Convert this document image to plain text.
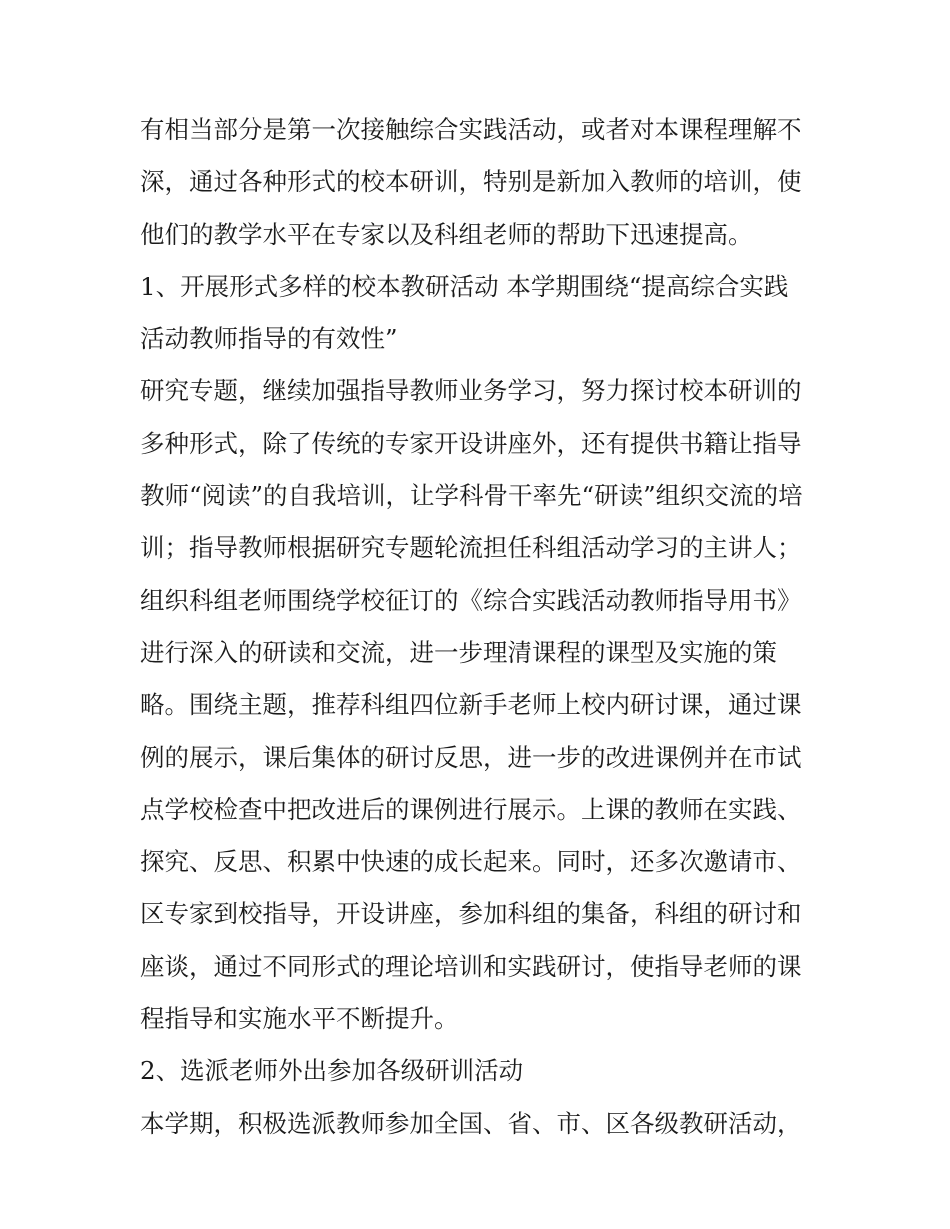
有相当部分是第一次接触综合实践活动，或者对本课程理解不
深，通过各种形式的校本研训，特别是新加入教师的培训，使
他们的教学水平在专家以及科组老师的帮助下迅速提高。
1、开展形式多样的校本教研活动 本学期围绕“提高综合实践
活动教师指导的有效性”
研究专题，继续加强指导教师业务学习，努力探讨校本研训的
多种形式，除了传统的专家开设讲座外，还有提供书籍让指导
教师“阅读”的自我培训，让学科骨干率先“研读”组织交流的培
训；指导教师根据研究专题轮流担任科组活动学习的主讲人；
组织科组老师围绕学校征订的《综合实践活动教师指导用书》
进行深入的研读和交流，进一步理清课程的课型及实施的策
略。围绕主题，推荐科组四位新手老师上校内研讨课，通过课
例的展示，课后集体的研讨反思，进一步的改进课例并在市试
点学校检查中把改进后的课例进行展示。上课的教师在实践、
探究、反思、积累中快速的成长起来。同时，还多次邀请市、
区专家到校指导，开设讲座，参加科组的集备，科组的研讨和
座谈，通过不同形式的理论培训和实践研讨，使指导老师的课
程指导和实施水平不断提升。
2、选派老师外出参加各级研训活动
本学期，积极选派教师参加全国、省、市、区各级教研活动，
